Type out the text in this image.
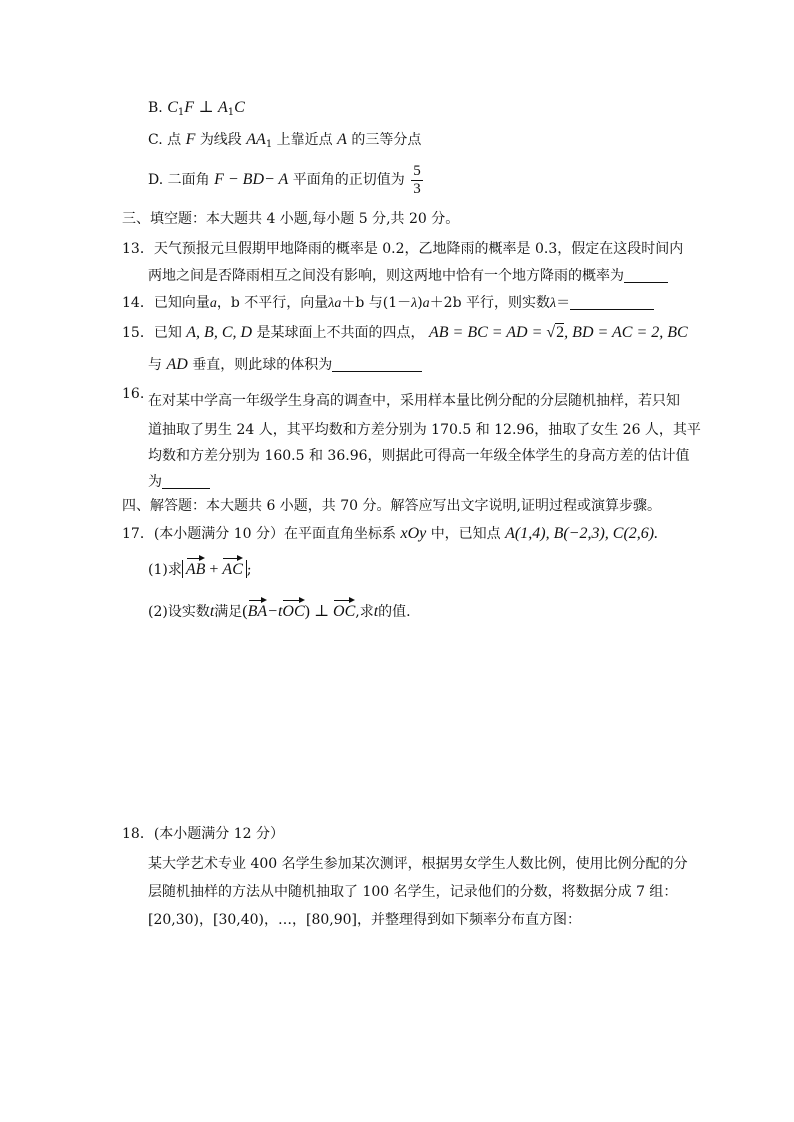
B. $C_1F$ ⊥ $A_1C$
C. 点 F 为线段 $AA_1$ 上靠近点 A 的三等分点
D. 二面角 F − BD− A 平面角的正切值为 $\frac{5}{3}$
三、填空题：本大题共 4 小题,每小题 5 分,共 20 分。
13．天气预报元旦假期甲地降雨的概率是 0.2，乙地降雨的概率是 0.3，假定在这段时间内
两地之间是否降雨相互之间没有影响，则这两地中恰有一个地方降雨的概率为
14．已知向量a，b 不平行，向量λa＋b 与(1－λ)a＋2b 平行，则实数λ＝
15．已知 A, B, C, D 是某球面上不共面的四点， AB = BC = AD = √2, BD = AC = 2, BC
与 AD 垂直，则此球的体积为
16. 在对某中学高一年级学生身高的调查中，采用样本量比例分配的分层随机抽样，若只知
道抽取了男生 24 人，其平均数和方差分别为 170.5 和 12.96，抽取了女生 26 人，其平
均数和方差分别为 160.5 和 36.96，则据此可得高一年级全体学生的身高方差的估计值
为
四、解答题：本大题共 6 小题，共 70 分。解答应写出文字说明,证明过程或演算步骤。
17．(本小题满分 10 分）在平面直角坐标系 xOy 中，已知点 A(1,4), B(−2,3), C(2,6).
(1)求 AB + AC ;
(2)设实数t满足(BA−tOC) ⊥ OC,求t的值.
18．(本小题满分 12 分）
某大学艺术专业 400 名学生参加某次测评，根据男女学生人数比例，使用比例分配的分
层随机抽样的方法从中随机抽取了 100 名学生，记录他们的分数，将数据分成 7 组：
[20,30)，[30,40)，…，[80,90]，并整理得到如下频率分布直方图：
